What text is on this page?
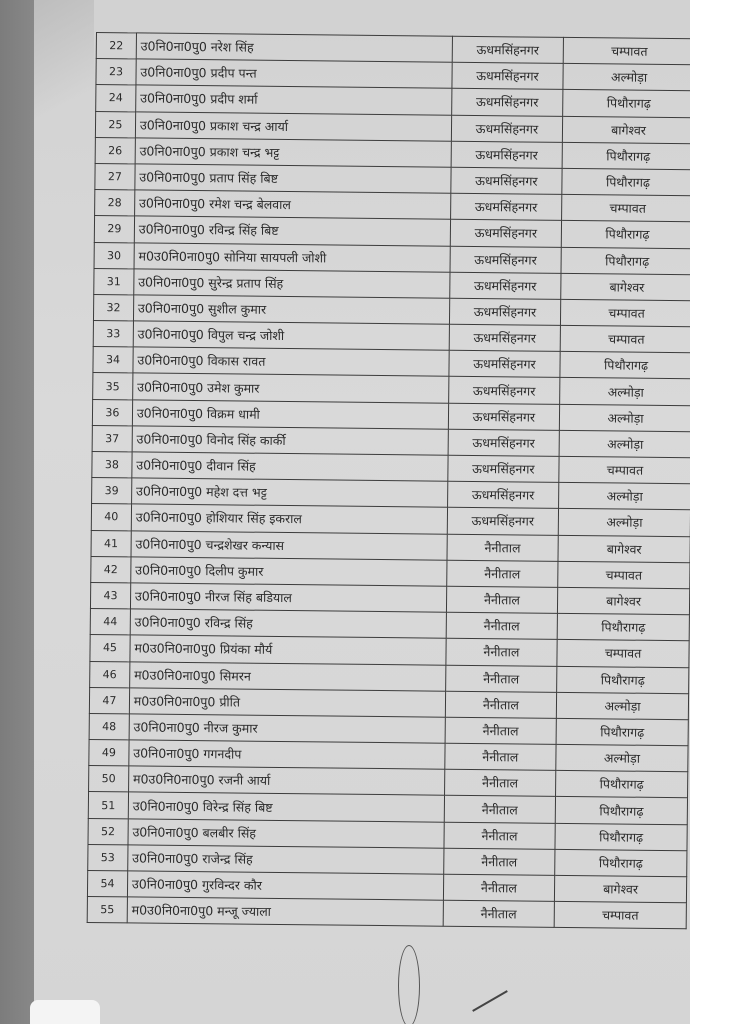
22	उ0नि0ना0पु0 नरेश सिंह	ऊधमसिंहनगर	चम्पावत
23	उ0नि0ना0पु0 प्रदीप पन्त	ऊधमसिंहनगर	अल्मोड़ा
24	उ0नि0ना0पु0 प्रदीप शर्मा	ऊधमसिंहनगर	पिथौरागढ़
25	उ0नि0ना0पु0 प्रकाश चन्द्र आर्या	ऊधमसिंहनगर	बागेश्वर
26	उ0नि0ना0पु0 प्रकाश चन्द्र भट्ट	ऊधमसिंहनगर	पिथौरागढ़
27	उ0नि0ना0पु0 प्रताप सिंह बिष्ट	ऊधमसिंहनगर	पिथौरागढ़
28	उ0नि0ना0पु0 रमेश चन्द्र बेलवाल	ऊधमसिंहनगर	चम्पावत
29	उ0नि0ना0पु0 रविन्द्र सिंह बिष्ट	ऊधमसिंहनगर	पिथौरागढ़
30	म0उ0नि0ना0पु0 सोनिया सायपली जोशी	ऊधमसिंहनगर	पिथौरागढ़
31	उ0नि0ना0पु0 सुरेन्द्र प्रताप सिंह	ऊधमसिंहनगर	बागेश्वर
32	उ0नि0ना0पु0 सुशील कुमार	ऊधमसिंहनगर	चम्पावत
33	उ0नि0ना0पु0 विपुल चन्द्र जोशी	ऊधमसिंहनगर	चम्पावत
34	उ0नि0ना0पु0 विकास रावत	ऊधमसिंहनगर	पिथौरागढ़
35	उ0नि0ना0पु0 उमेश कुमार	ऊधमसिंहनगर	अल्मोड़ा
36	उ0नि0ना0पु0 विक्रम धामी	ऊधमसिंहनगर	अल्मोड़ा
37	उ0नि0ना0पु0 विनोद सिंह कार्की	ऊधमसिंहनगर	अल्मोड़ा
38	उ0नि0ना0पु0 दीवान सिंह	ऊधमसिंहनगर	चम्पावत
39	उ0नि0ना0पु0 महेश दत्त भट्ट	ऊधमसिंहनगर	अल्मोड़ा
40	उ0नि0ना0पु0 होशियार सिंह इकराल	ऊधमसिंहनगर	अल्मोड़ा
41	उ0नि0ना0पु0 चन्द्रशेखर कन्यास	नैनीताल	बागेश्वर
42	उ0नि0ना0पु0 दिलीप कुमार	नैनीताल	चम्पावत
43	उ0नि0ना0पु0 नीरज सिंह बडियाल	नैनीताल	बागेश्वर
44	उ0नि0ना0पु0 रविन्द्र सिंह	नैनीताल	पिथौरागढ़
45	म0उ0नि0ना0पु0 प्रियंका मौर्य	नैनीताल	चम्पावत
46	म0उ0नि0ना0पु0 सिमरन	नैनीताल	पिथौरागढ़
47	म0उ0नि0ना0पु0 प्रीति	नैनीताल	अल्मोड़ा
48	उ0नि0ना0पु0 नीरज कुमार	नैनीताल	पिथौरागढ़
49	उ0नि0ना0पु0 गगनदीप	नैनीताल	अल्मोड़ा
50	म0उ0नि0ना0पु0 रजनी आर्या	नैनीताल	पिथौरागढ़
51	उ0नि0ना0पु0 विरेन्द्र सिंह बिष्ट	नैनीताल	पिथौरागढ़
52	उ0नि0ना0पु0 बलबीर सिंह	नैनीताल	पिथौरागढ़
53	उ0नि0ना0पु0 राजेन्द्र सिंह	नैनीताल	पिथौरागढ़
54	उ0नि0ना0पु0 गुरविन्दर कौर	नैनीताल	बागेश्वर
55	म0उ0नि0ना0पु0 मन्जू ज्याला	नैनीताल	चम्पावत
